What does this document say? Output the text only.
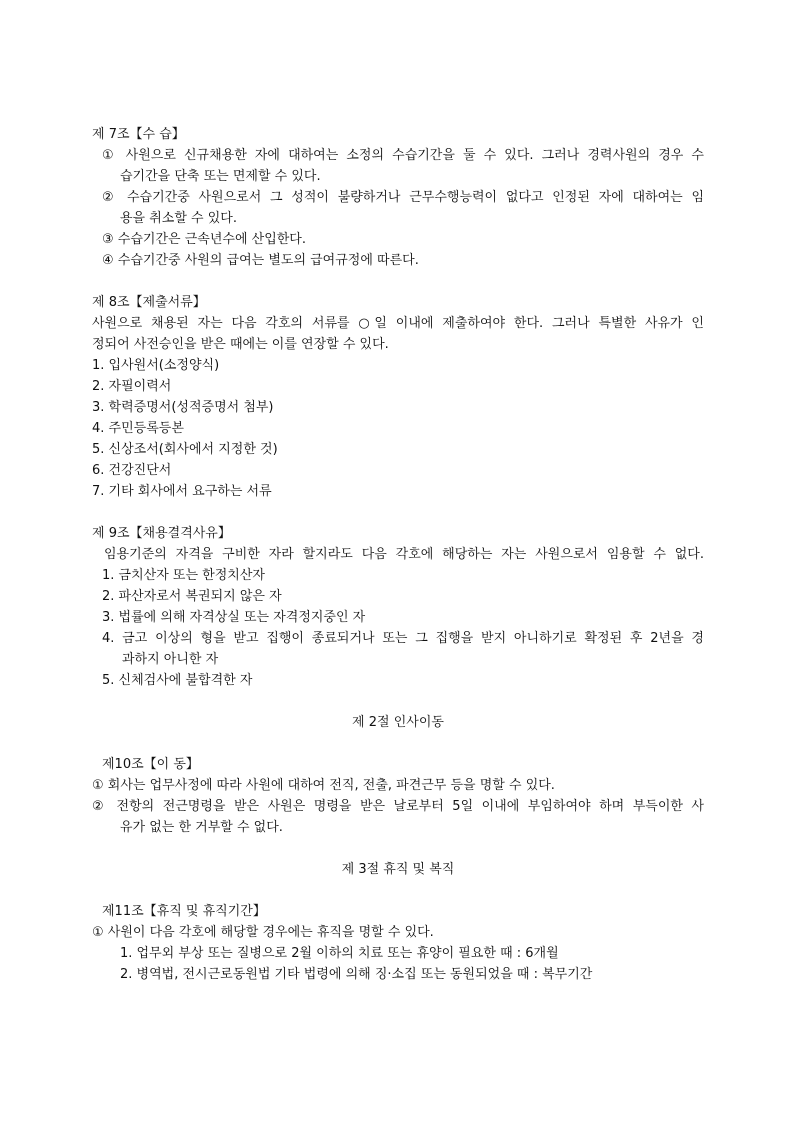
제 7조【수 습】
① 사원으로 신규채용한 자에 대하여는 소정의 수습기간을 둘 수 있다. 그러나 경력사원의 경우 수
습기간을 단축 또는 면제할 수 있다.
② 수습기간중 사원으로서 그 성적이 불량하거나 근무수행능력이 없다고 인정된 자에 대하여는 임
용을 취소할 수 있다.
③ 수습기간은 근속년수에 산입한다.
④ 수습기간중 사원의 급여는 별도의 급여규정에 따른다.
제 8조【제출서류】
사원으로 채용된 자는 다음 각호의 서류를 ○일 이내에 제출하여야 한다. 그러나 특별한 사유가 인
정되어 사전승인을 받은 때에는 이를 연장할 수 있다.
1. 입사원서(소정양식)
2. 자필이력서
3. 학력증명서(성적증명서 첨부)
4. 주민등록등본
5. 신상조서(회사에서 지정한 것)
6. 건강진단서
7. 기타 회사에서 요구하는 서류
제 9조【채용결격사유】
임용기준의 자격을 구비한 자라 할지라도 다음 각호에 해당하는 자는 사원으로서 임용할 수 없다.
1. 금치산자 또는 한정치산자
2. 파산자로서 복권되지 않은 자
3. 법률에 의해 자격상실 또는 자격정지중인 자
4. 금고 이상의 형을 받고 집행이 종료되거나 또는 그 집행을 받지 아니하기로 확정된 후 2년을 경
과하지 아니한 자
5. 신체검사에 불합격한 자
제 2절 인사이동
제10조【이 동】
① 회사는 업무사정에 따라 사원에 대하여 전직, 전출, 파견근무 등을 명할 수 있다.
② 전항의 전근명령을 받은 사원은 명령을 받은 날로부터 5일 이내에 부임하여야 하며 부득이한 사
유가 없는 한 거부할 수 없다.
제 3절 휴직 및 복직
제11조【휴직 및 휴직기간】
① 사원이 다음 각호에 해당할 경우에는 휴직을 명할 수 있다.
1. 업무외 부상 또는 질병으로 2월 이하의 치료 또는 휴양이 필요한 때 : 6개월
2. 병역법, 전시근로동원법 기타 법령에 의해 징·소집 또는 동원되었을 때 : 복무기간
